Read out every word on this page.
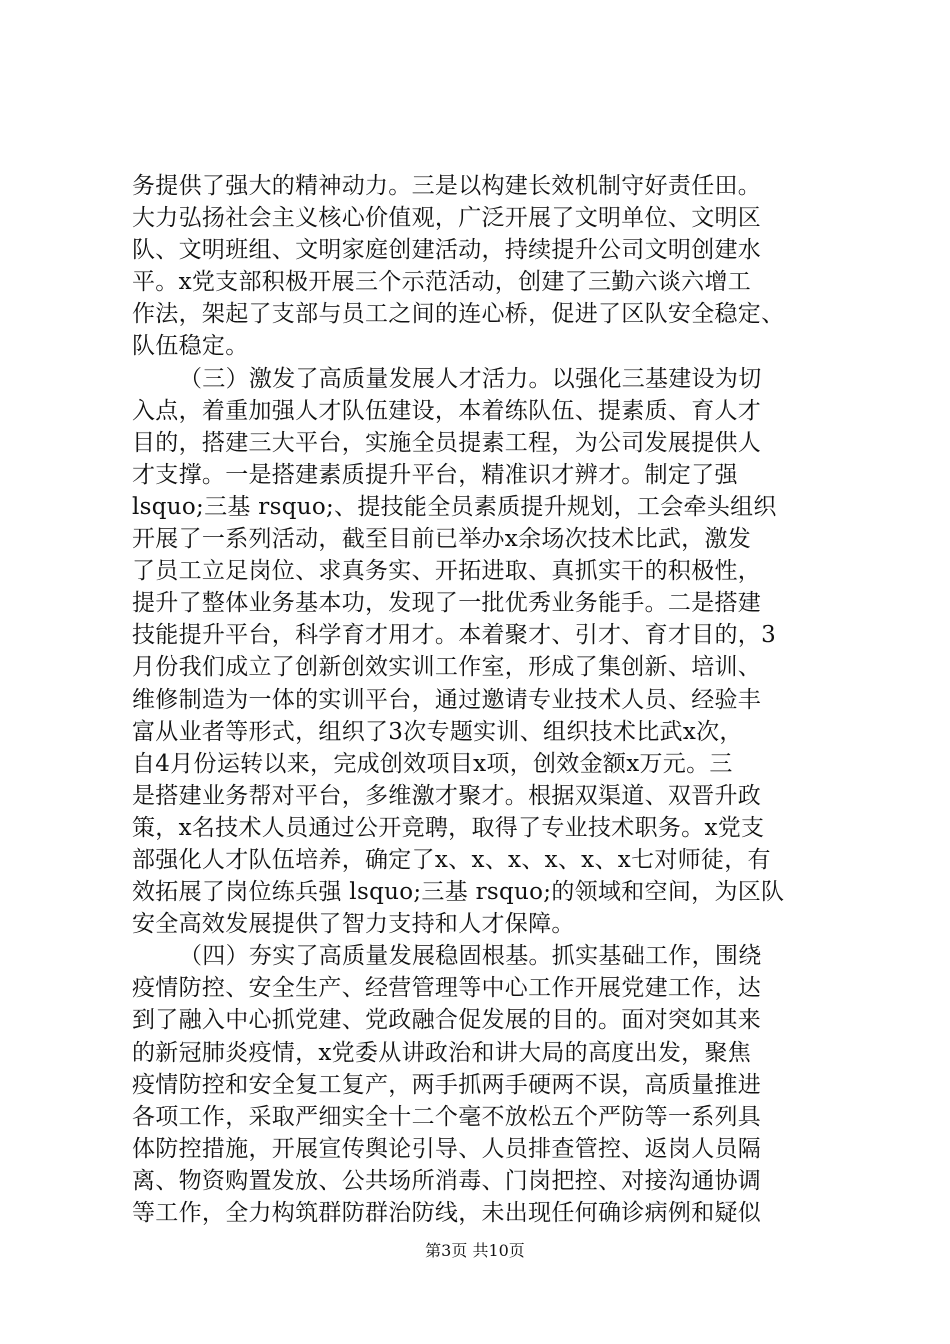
务提供了强大的精神动力。三是以构建长效机制守好责任田。
大力弘扬社会主义核心价值观，广泛开展了文明单位、文明区
队、文明班组、文明家庭创建活动，持续提升公司文明创建水
平。x党支部积极开展三个示范活动，创建了三勤六谈六增工
作法，架起了支部与员工之间的连心桥，促进了区队安全稳定、
队伍稳定。
（三）激发了高质量发展人才活力。以强化三基建设为切
入点，着重加强人才队伍建设，本着练队伍、提素质、育人才
目的，搭建三大平台，实施全员提素工程，为公司发展提供人
才支撑。一是搭建素质提升平台，精准识才辨才。制定了强
lsquo;三基 rsquo;、提技能全员素质提升规划，工会牵头组织
开展了一系列活动，截至目前已举办x余场次技术比武，激发
了员工立足岗位、求真务实、开拓进取、真抓实干的积极性，
提升了整体业务基本功，发现了一批优秀业务能手。二是搭建
技能提升平台，科学育才用才。本着聚才、引才、育才目的，3
月份我们成立了创新创效实训工作室，形成了集创新、培训、
维修制造为一体的实训平台，通过邀请专业技术人员、经验丰
富从业者等形式，组织了3次专题实训、组织技术比武x次，
自4月份运转以来，完成创效项目x项，创效金额x万元。三
是搭建业务帮对平台，多维激才聚才。根据双渠道、双晋升政
策，x名技术人员通过公开竞聘，取得了专业技术职务。x党支
部强化人才队伍培养，确定了x、x、x、x、x、x七对师徒，有
效拓展了岗位练兵强 lsquo;三基 rsquo;的领域和空间，为区队
安全高效发展提供了智力支持和人才保障。
（四）夯实了高质量发展稳固根基。抓实基础工作，围绕
疫情防控、安全生产、经营管理等中心工作开展党建工作，达
到了融入中心抓党建、党政融合促发展的目的。面对突如其来
的新冠肺炎疫情，x党委从讲政治和讲大局的高度出发，聚焦
疫情防控和安全复工复产，两手抓两手硬两不误，高质量推进
各项工作，采取严细实全十二个毫不放松五个严防等一系列具
体防控措施，开展宣传舆论引导、人员排查管控、返岗人员隔
离、物资购置发放、公共场所消毒、门岗把控、对接沟通协调
等工作，全力构筑群防群治防线，未出现任何确诊病例和疑似
第3页 共10页
